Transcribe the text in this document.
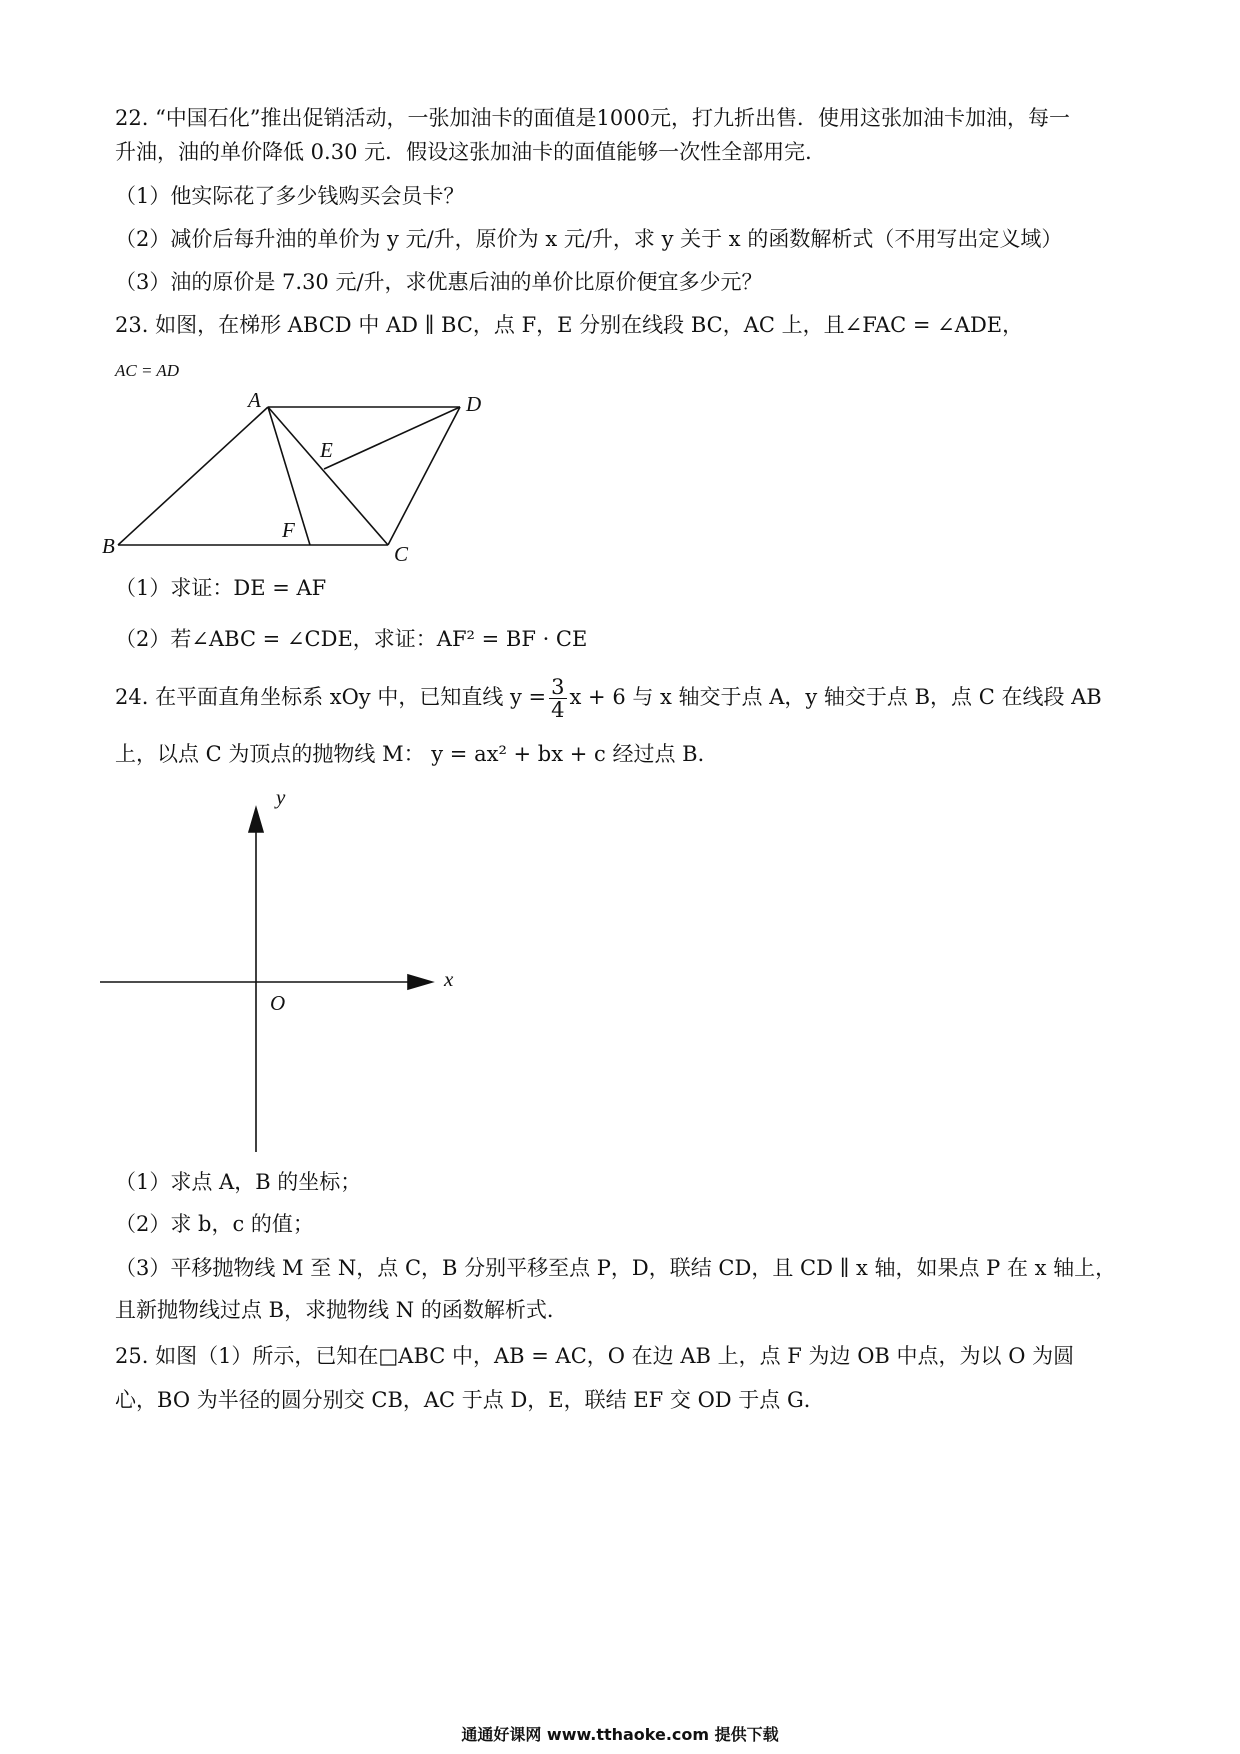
22. “中国石化”推出促销活动，一张加油卡的面值是1000元，打九折出售．使用这张加油卡加油，每一
升油，油的单价降低 0.30 元．假设这张加油卡的面值能够一次性全部用完．
（1）他实际花了多少钱购买会员卡？
（2）减价后每升油的单价为 y 元/升，原价为 x 元/升，求 y 关于 x 的函数解析式（不用写出定义域）
（3）油的原价是 7.30 元/升，求优惠后油的单价比原价便宜多少元？
23. 如图，在梯形 ABCD 中 AD ∥ BC，点 F，E 分别在线段 BC，AC 上，且∠FAC = ∠ADE，
AC = AD
A	D
E
B
F
C
（1）求证：DE = AF
（2）若∠ABC = ∠CDE，求证：AF² = BF · CE
24. 在平面直角坐标系 xOy 中，已知直线 $y = \frac{3}{4}$ x + 6 与 x 轴交于点 A，y 轴交于点 B，点 C 在线段 AB
上，以点 C 为顶点的抛物线 M： y = ax² + bx + c 经过点 B．
y
x
O
（1）求点 A，B 的坐标；
（2）求 b，c 的值；
（3）平移抛物线 M 至 N，点 C，B 分别平移至点 P，D，联结 CD，且 CD ∥ x 轴，如果点 P 在 x 轴上，
且新抛物线过点 B，求抛物线 N 的函数解析式．
25. 如图（1）所示，已知在□ABC 中，AB = AC，O 在边 AB 上，点 F 为边 OB 中点，为以 O 为圆
心，BO 为半径的圆分别交 CB，AC 于点 D，E，联结 EF 交 OD 于点 G．
通通好课网 www.tthaoke.com 提供下载
